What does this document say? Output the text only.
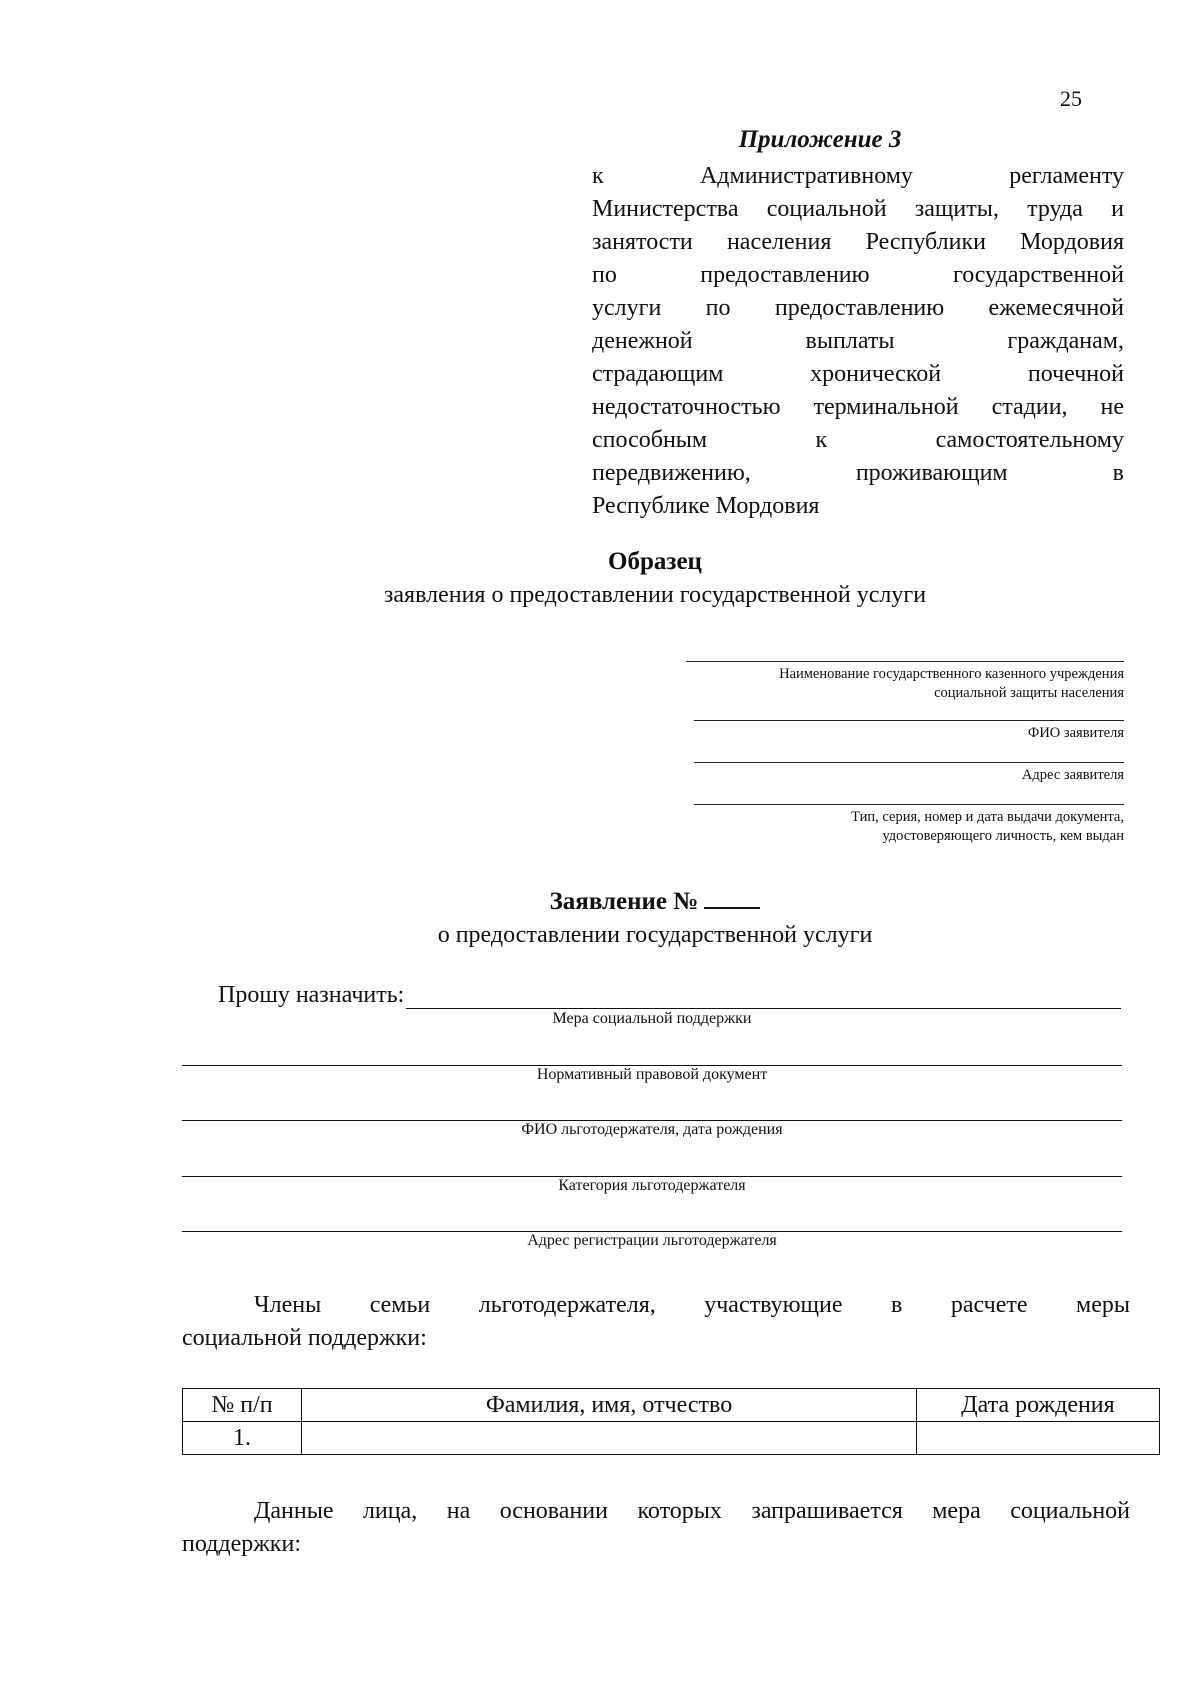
25
Приложение 3
к Административному регламенту
Министерства социальной защиты, труда и
занятости населения Республики Мордовия
по предоставлению государственной
услуги по предоставлению ежемесячной
денежной выплаты гражданам,
страдающим хронической почечной
недостаточностью терминальной стадии, не
способным к самостоятельному
передвижению, проживающим в
Республике Мордовия
Образец
заявления о предоставлении государственной услуги
Наименование государственного казенного учреждения
социальной защиты населения
ФИО заявителя
Адрес заявителя
Тип, серия, номер и дата выдачи документа,
удостоверяющего личность, кем выдан
Заявление №
о предоставлении государственной услуги
Прошу назначить:
Мера социальной поддержки
Нормативный правовой документ
ФИО льготодержателя, дата рождения
Категория льготодержателя
Адрес регистрации льготодержателя
Члены семьи льготодержателя, участвующие в расчете меры
социальной поддержки:
№ п/п	Фамилия, имя, отчество	Дата рождения
1.		
Данные лица, на основании которых запрашивается мера социальной
поддержки:
